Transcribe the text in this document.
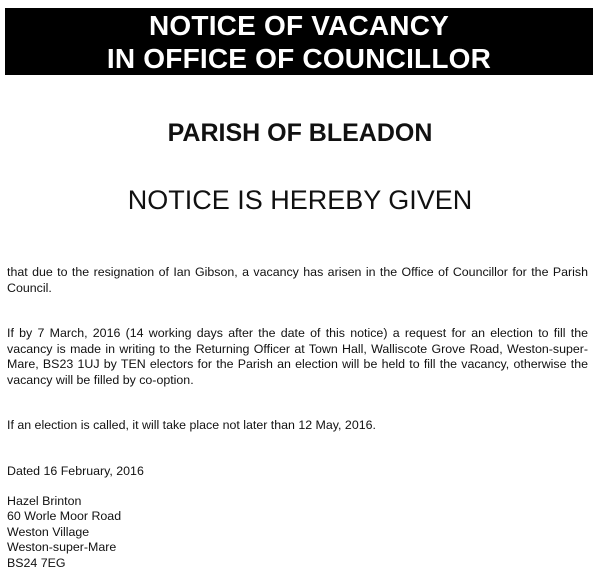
NOTICE OF VACANCY
IN OFFICE OF COUNCILLOR
PARISH OF BLEADON
NOTICE IS HEREBY GIVEN

that due to the resignation of Ian Gibson, a vacancy has arisen in the Office of Councillor for the Parish Council.

If by 7 March, 2016 (14 working days after the date of this notice) a request for an election to fill the vacancy is made in writing to the Returning Officer at Town Hall, Walliscote Grove Road, Weston-super-Mare, BS23 1UJ by TEN electors for the Parish an election will be held to fill the vacancy, otherwise the vacancy will be filled by co-option.

If an election is called, it will take place not later than 12 May, 2016.

Dated 16 February, 2016

Hazel Brinton
60 Worle Moor Road
Weston Village
Weston-super-Mare
BS24 7EG
